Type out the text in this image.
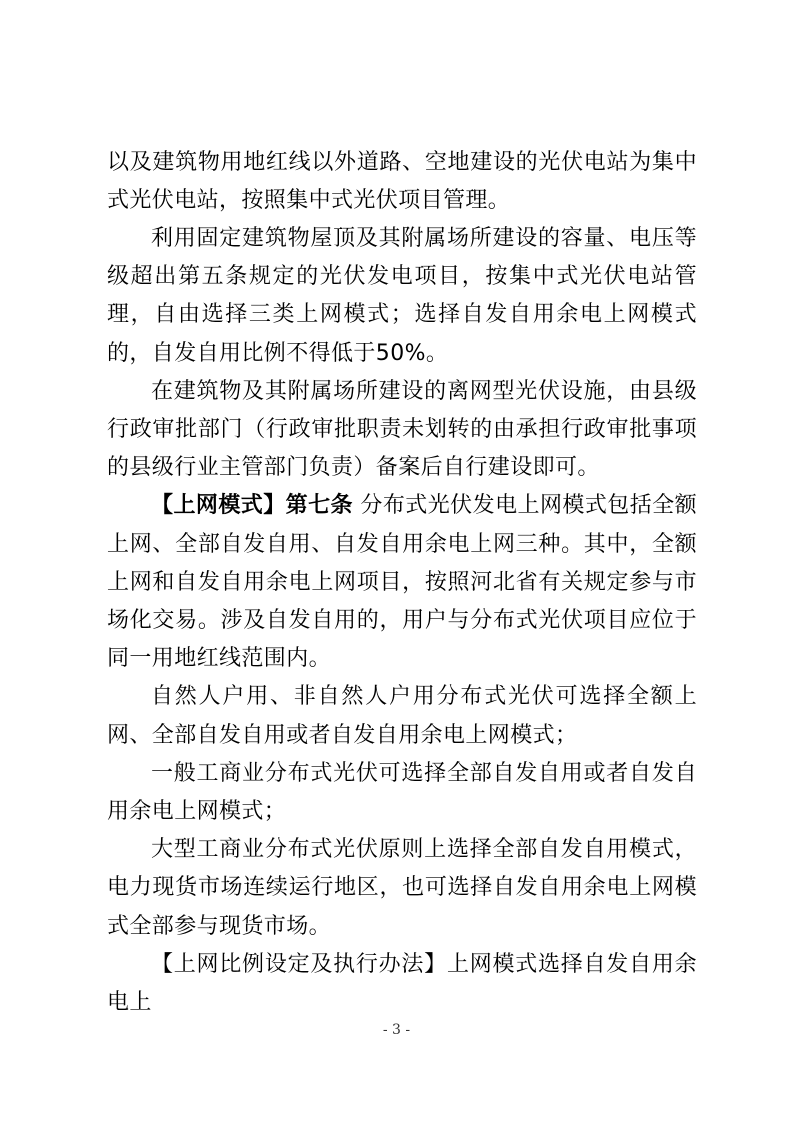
以及建筑物用地红线以外道路、空地建设的光伏电站为集中式光伏电站，按照集中式光伏项目管理。

利用固定建筑物屋顶及其附属场所建设的容量、电压等级超出第五条规定的光伏发电项目，按集中式光伏电站管理，自由选择三类上网模式；选择自发自用余电上网模式的，自发自用比例不得低于50%。

在建筑物及其附属场所建设的离网型光伏设施，由县级行政审批部门（行政审批职责未划转的由承担行政审批事项的县级行业主管部门负责）备案后自行建设即可。

【上网模式】第七条 分布式光伏发电上网模式包括全额上网、全部自发自用、自发自用余电上网三种。其中，全额上网和自发自用余电上网项目，按照河北省有关规定参与市场化交易。涉及自发自用的，用户与分布式光伏项目应位于同一用地红线范围内。

自然人户用、非自然人户用分布式光伏可选择全额上网、全部自发自用或者自发自用余电上网模式；

一般工商业分布式光伏可选择全部自发自用或者自发自用余电上网模式；

大型工商业分布式光伏原则上选择全部自发自用模式，电力现货市场连续运行地区，也可选择自发自用余电上网模式全部参与现货市场。

【上网比例设定及执行办法】上网模式选择自发自用余电上

- 3 -
